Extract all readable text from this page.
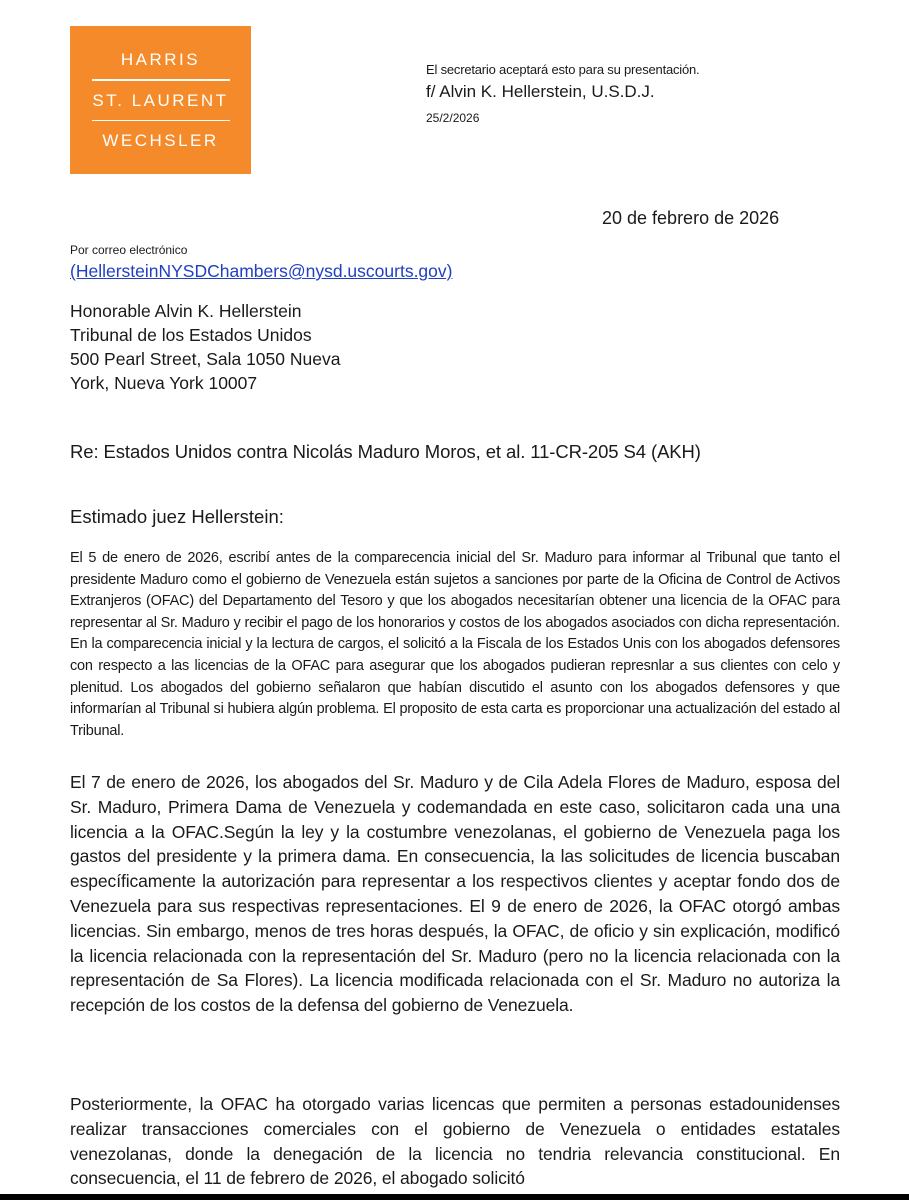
HARRIS
ST. LAURENT
WECHSLER
El secretario aceptará esto para su presentación.
f/ Alvin K. Hellerstein, U.S.D.J.
25/2/2026
20 de febrero de 2026
Por correo electrónico
(HellersteinNYSDChambers@nysd.uscourts.gov)
Honorable Alvin K. Hellerstein
Tribunal de los Estados Unidos
500 Pearl Street, Sala 1050 Nueva
York, Nueva York 10007
Re: Estados Unidos contra Nicolás Maduro Moros, et al. 11-CR-205 S4 (AKH)
Estimado juez Hellerstein:
El 5 de enero de 2026, escribí antes de la comparecencia inicial del Sr. Maduro para informar al Tribunal que tanto el presidente Maduro como el gobierno de Venezuela están sujetos a sanciones por parte de la Oficina de Control de Activos Extranjeros (OFAC) del Departamento del Tesoro y que los abogados necesitarían obtener una licencia de la OFAC para representar al Sr. Maduro y recibir el pago de los honorarios y costos de los abogados asociados con dicha representación. En la comparecencia inicial y la lectura de cargos, el solicitó a la Fiscala de los Estados Unis con los abogados defensores con respecto a las licencias de la OFAC para asegurar que los abogados pudieran represnlar a sus clientes con celo y plenitud. Los abogados del gobierno señalaron que habían discutido el asunto con los abogados defensores y que informarían al Tribunal si hubiera algún problema. El proposito de esta carta es proporcionar una actualización del estado al Tribunal.
El 7 de enero de 2026, los abogados del Sr. Maduro y de Cila Adela Flores de Maduro, esposa del Sr. Maduro, Primera Dama de Venezuela y codemandada en este caso, solicitaron cada una una licencia a la OFAC.Según la ley y la costumbre venezolanas, el gobierno de Venezuela paga los gastos del presidente y la primera dama. En consecuencia, la las solicitudes de licencia buscaban específicamente la autorización para representar a los respectivos clientes y aceptar fondo dos de Venezuela para sus respectivas representaciones. El 9 de enero de 2026, la OFAC otorgó ambas licencias. Sin embargo, menos de tres horas después, la OFAC, de oficio y sin explicación, modificó la licencia relacionada con la representación del Sr. Maduro (pero no la licencia relacionada con la representación de Sa Flores). La licencia modificada relacionada con el Sr. Maduro no autoriza la recepción de los costos de la defensa del gobierno de Venezuela.
Posteriormente, la OFAC ha otorgado varias licencas que permiten a personas estadounidenses realizar transacciones comerciales con el gobierno de Venezuela o entidades estatales venezolanas, donde la denegación de la licencia no tendria relevancia constitucional. En consecuencia, el 11 de febrero de 2026, el abogado solicitó
